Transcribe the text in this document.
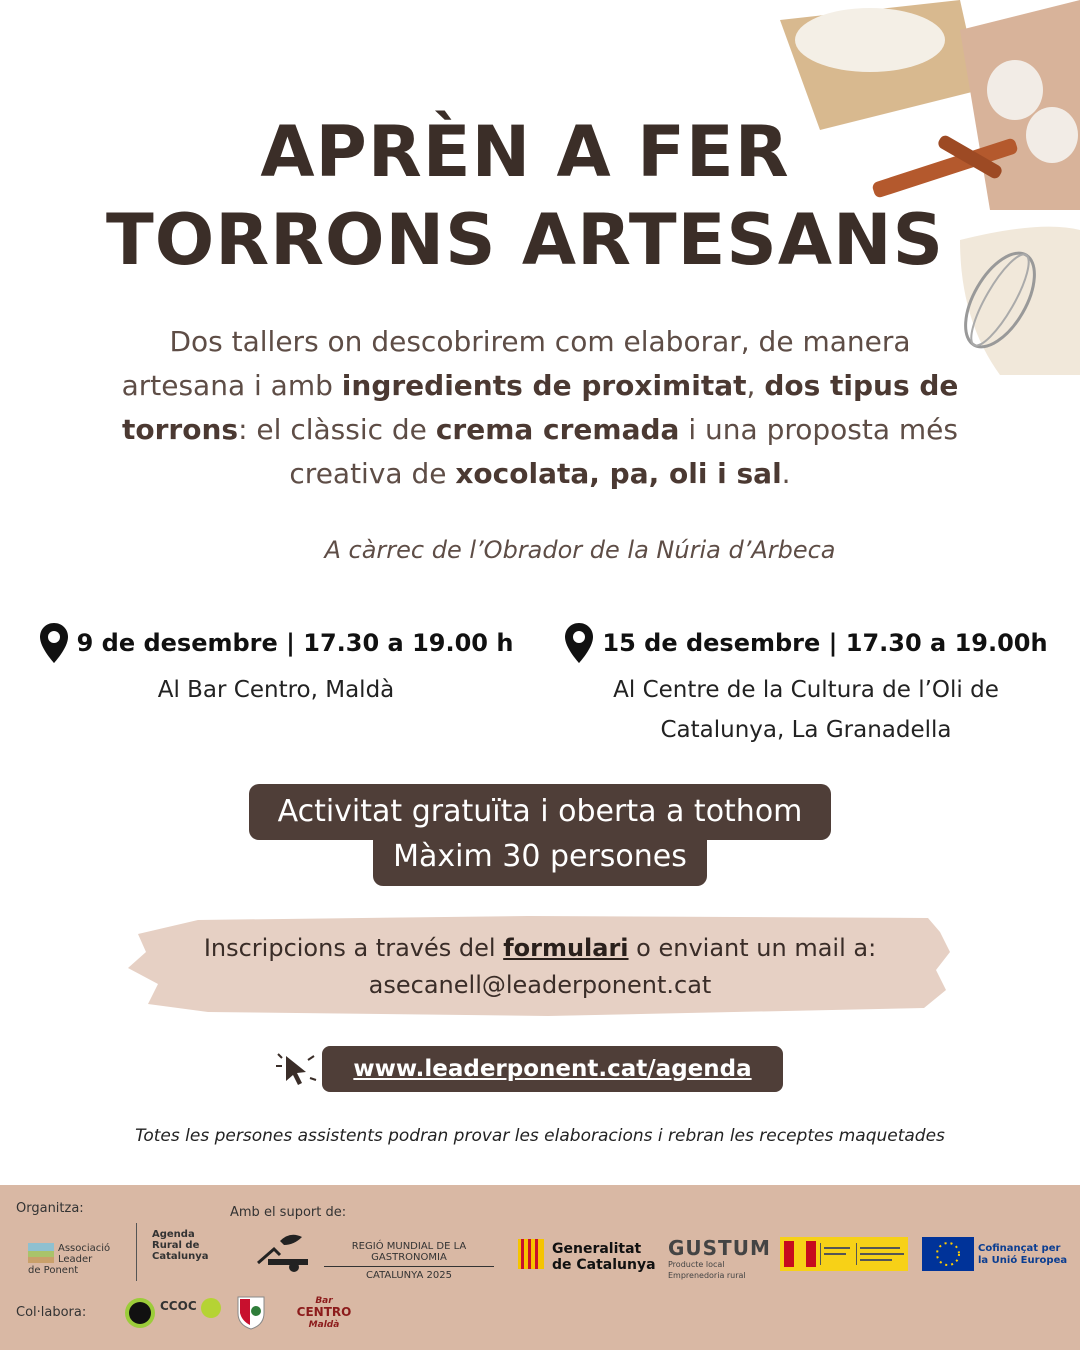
APRÈN A FER
TORRONS ARTESANS

Dos tallers on descobrirem com elaborar, de manera artesana i amb ingredients de proximitat, dos tipus de torrons: el clàssic de crema cremada i una proposta més creativa de xocolata, pa, oli i sal.

A càrrec de l’Obrador de la Núria d’Arbeca
9 de desembre | 17.30 a 19.00 h
Al Bar Centro, Maldà
15 de desembre | 17.30 a 19.00h
Al Centre de la Cultura de l’Oli de
Catalunya, La Granadella
Activitat gratuïta i oberta a tothom
Màxim 30 persones
Inscripcions a través del formulari o enviant un mail a:
asecanell@leaderponent.cat
www.leaderponent.cat/agenda
Totes les persones assistents podran provar les elaboracions i rebran les receptes maquetades
Organitza:	Amb el suport de:
Col·labora:
Associació Leader
de Ponent
Agenda
Rural de
Catalunya
REGIÓ MUNDIAL DE LA GASTRONOMIA
CATALUNYA 2025
Generalitat
de Catalunya
GUSTUM
Producte local
Emprenedoria rural
Cofinançat per
la Unió Europea
CCOC	Bar
CENTRO
Maldà
